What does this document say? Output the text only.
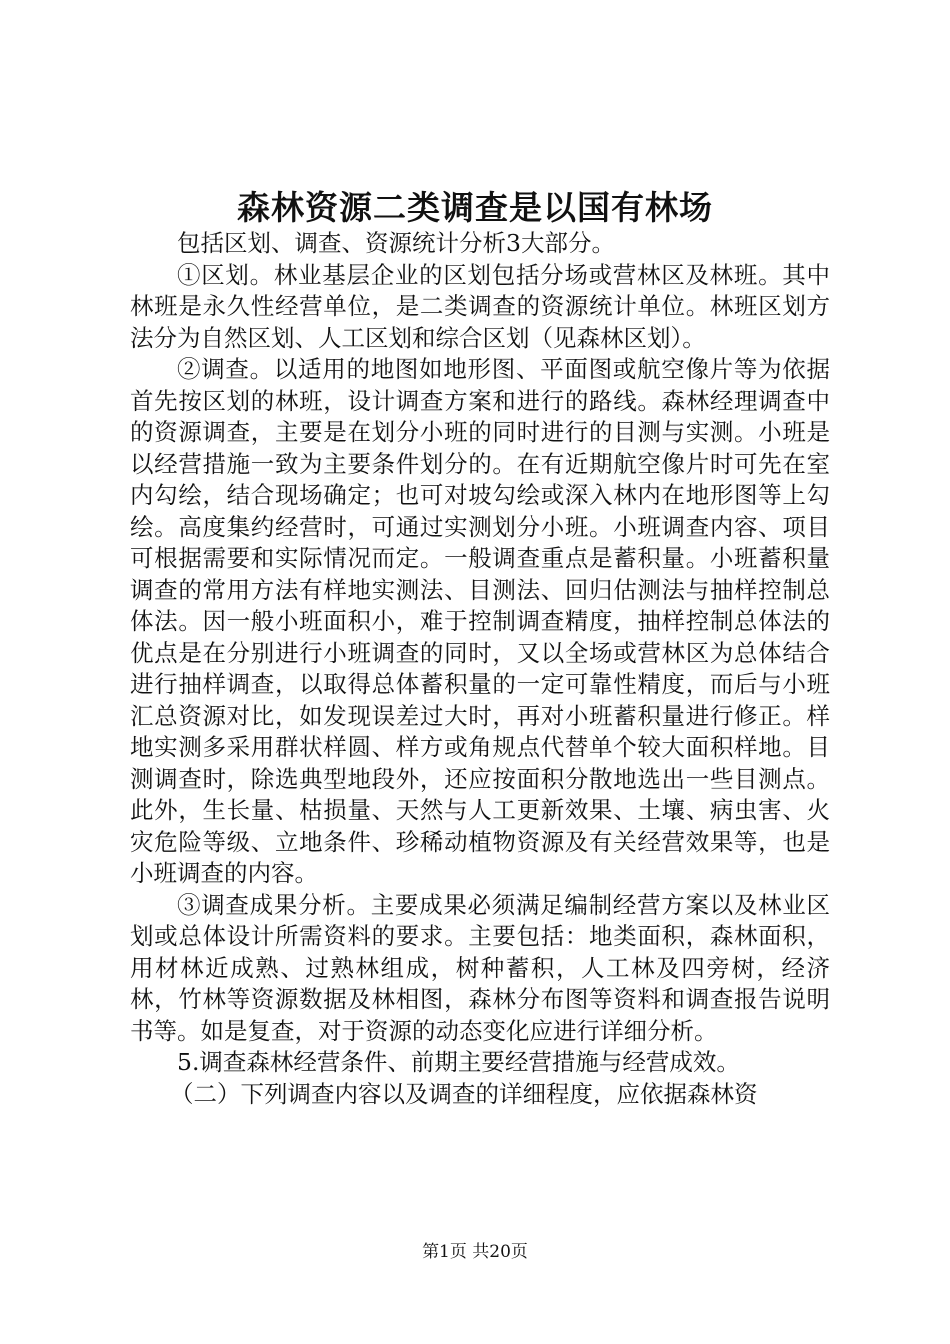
森林资源二类调查是以国有林场

包括区划、调查、资源统计分析3大部分。

①区划。林业基层企业的区划包括分场或营林区及林班。其中林班是永久性经营单位，是二类调查的资源统计单位。林班区划方法分为自然区划、人工区划和综合区划（见森林区划）。

②调查。以适用的地图如地形图、平面图或航空像片等为依据首先按区划的林班，设计调查方案和进行的路线。森林经理调查中的资源调查，主要是在划分小班的同时进行的目测与实测。小班是以经营措施一致为主要条件划分的。在有近期航空像片时可先在室内勾绘，结合现场确定；也可对坡勾绘或深入林内在地形图等上勾绘。高度集约经营时，可通过实测划分小班。小班调查内容、项目可根据需要和实际情况而定。一般调查重点是蓄积量。小班蓄积量调查的常用方法有样地实测法、目测法、回归估测法与抽样控制总体法。因一般小班面积小，难于控制调查精度，抽样控制总体法的优点是在分别进行小班调查的同时，又以全场或营林区为总体结合进行抽样调查，以取得总体蓄积量的一定可靠性精度，而后与小班汇总资源对比，如发现误差过大时，再对小班蓄积量进行修正。样地实测多采用群状样圆、样方或角规点代替单个较大面积样地。目测调查时，除选典型地段外，还应按面积分散地选出一些目测点。此外，生长量、枯损量、天然与人工更新效果、土壤、病虫害、火灾危险等级、立地条件、珍稀动植物资源及有关经营效果等，也是小班调查的内容。

③调查成果分析。主要成果必须满足编制经营方案以及林业区划或总体设计所需资料的要求。主要包括：地类面积，森林面积，用材林近成熟、过熟林组成，树种蓄积，人工林及四旁树，经济林，竹林等资源数据及林相图，森林分布图等资料和调查报告说明书等。如是复查，对于资源的动态变化应进行详细分析。

5.调查森林经营条件、前期主要经营措施与经营成效。

（二）下列调查内容以及调查的详细程度，应依据森林资

第1页 共20页
